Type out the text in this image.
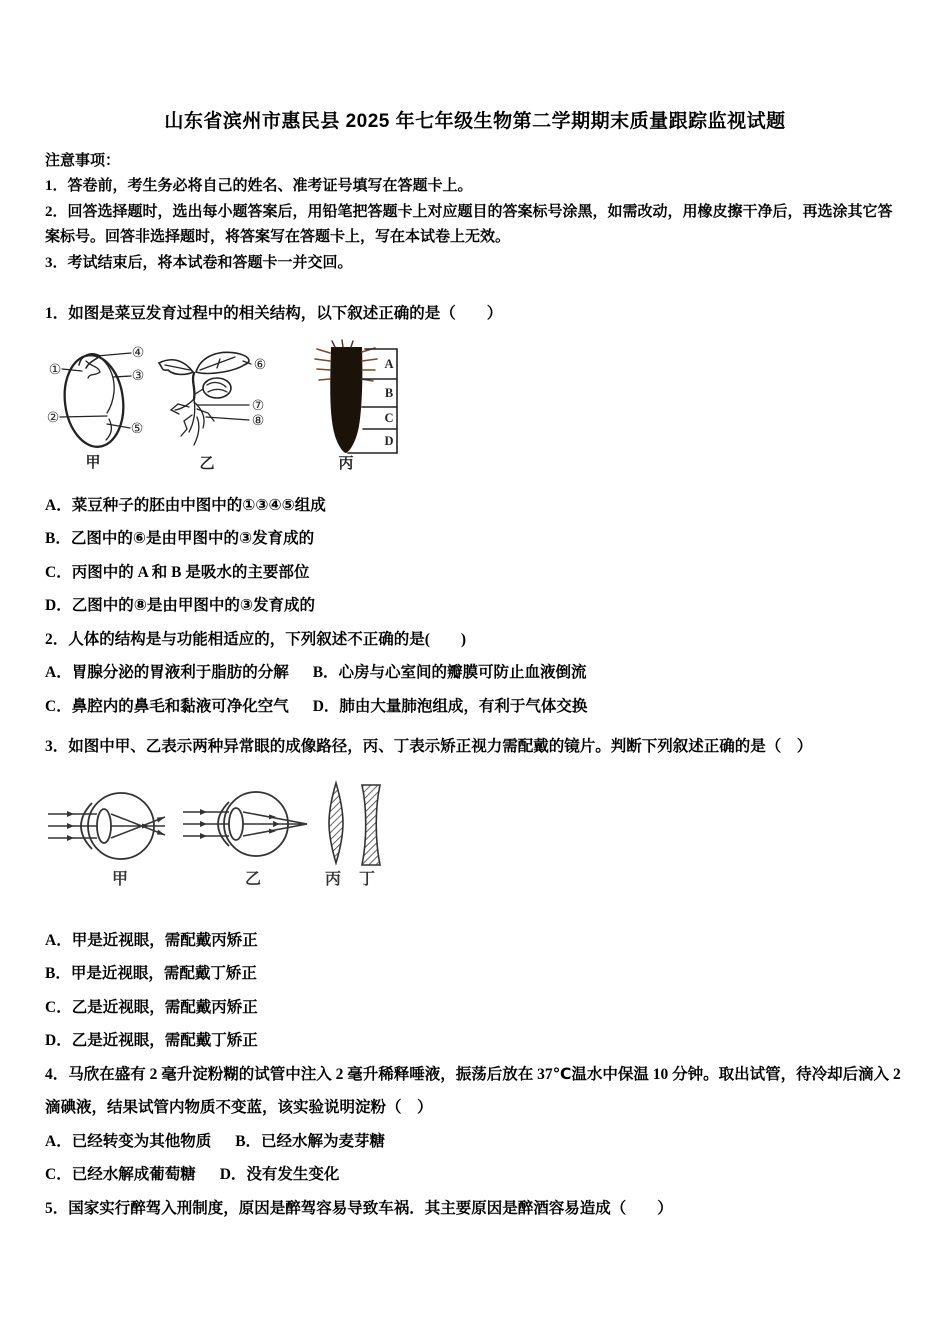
山东省滨州市惠民县 2025 年七年级生物第二学期期末质量跟踪监视试题
注意事项：
1．答卷前，考生务必将自己的姓名、准考证号填写在答题卡上。
2．回答选择题时，选出每小题答案后，用铅笔把答题卡上对应题目的答案标号涂黑，如需改动，用橡皮擦干净后，再选涂其它答案标号。回答非选择题时，将答案写在答题卡上，写在本试卷上无效。
3．考试结束后，将本试卷和答题卡一并交回。
1．如图是菜豆发育过程中的相关结构，以下叙述正确的是（　　）
①
②
③
④
⑤
甲
⑥
⑦
⑧
乙
A
B
C
D
丙
A．菜豆种子的胚由中图中的①③④⑤组成
B．乙图中的⑥是由甲图中的③发育成的
C．丙图中的 A 和 B 是吸水的主要部位
D．乙图中的⑧是由甲图中的③发育成的
2．人体的结构是与功能相适应的，下列叙述不正确的是(　　)
A．胃腺分泌的胃液利于脂肪的分解 B．心房与心室间的瓣膜可防止血液倒流
C．鼻腔内的鼻毛和黏液可净化空气 D．肺由大量肺泡组成，有利于气体交换
3．如图中甲、乙表示两种异常眼的成像路径，丙、丁表示矫正视力需配戴的镜片。判断下列叙述正确的是（　）
甲	乙	丙 丁
A．甲是近视眼，需配戴丙矫正
B．甲是近视眼，需配戴丁矫正
C．乙是近视眼，需配戴丙矫正
D．乙是近视眼，需配戴丁矫正
4．马欣在盛有 2 毫升淀粉糊的试管中注入 2 毫升稀释唾液，振荡后放在 37℃温水中保温 10 分钟。取出试管，待冷却后滴入 2 滴碘液，结果试管内物质不变蓝，该实验说明淀粉（　）
A．已经转变为其他物质 B．已经水解为麦芽糖
C．已经水解成葡萄糖 D．没有发生变化
5．国家实行醉驾入刑制度，原因是醉驾容易导致车祸．其主要原因是醉酒容易造成（　　）
